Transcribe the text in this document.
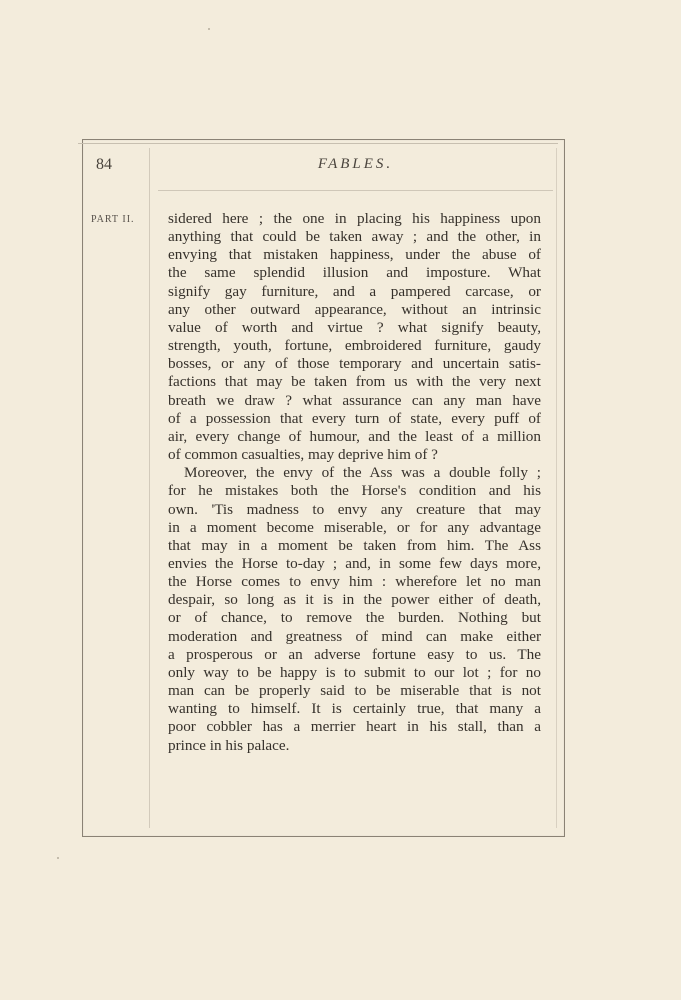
84	FABLES.
PART II. sidered here ; the one in placing his happiness upon
anything that could be taken away ; and the other, in
envying that mistaken happiness, under the abuse of
the same splendid illusion and imposture. What
signify gay furniture, and a pampered carcase, or
any other outward appearance, without an intrinsic
value of worth and virtue ? what signify beauty,
strength, youth, fortune, embroidered furniture, gaudy
bosses, or any of those temporary and uncertain satis-
factions that may be taken from us with the very next
breath we draw ? what assurance can any man have
of a possession that every turn of state, every puff of
air, every change of humour, and the least of a million
of common casualties, may deprive him of ?
Moreover, the envy of the Ass was a double folly ;
for he mistakes both the Horse's condition and his
own. 'Tis madness to envy any creature that may
in a moment become miserable, or for any advantage
that may in a moment be taken from him. The Ass
envies the Horse to-day ; and, in some few days more,
the Horse comes to envy him : wherefore let no man
despair, so long as it is in the power either of death,
or of chance, to remove the burden. Nothing but
moderation and greatness of mind can make either
a prosperous or an adverse fortune easy to us. The
only way to be happy is to submit to our lot ; for no
man can be properly said to be miserable that is not
wanting to himself. It is certainly true, that many a
poor cobbler has a merrier heart in his stall, than a
prince in his palace.
